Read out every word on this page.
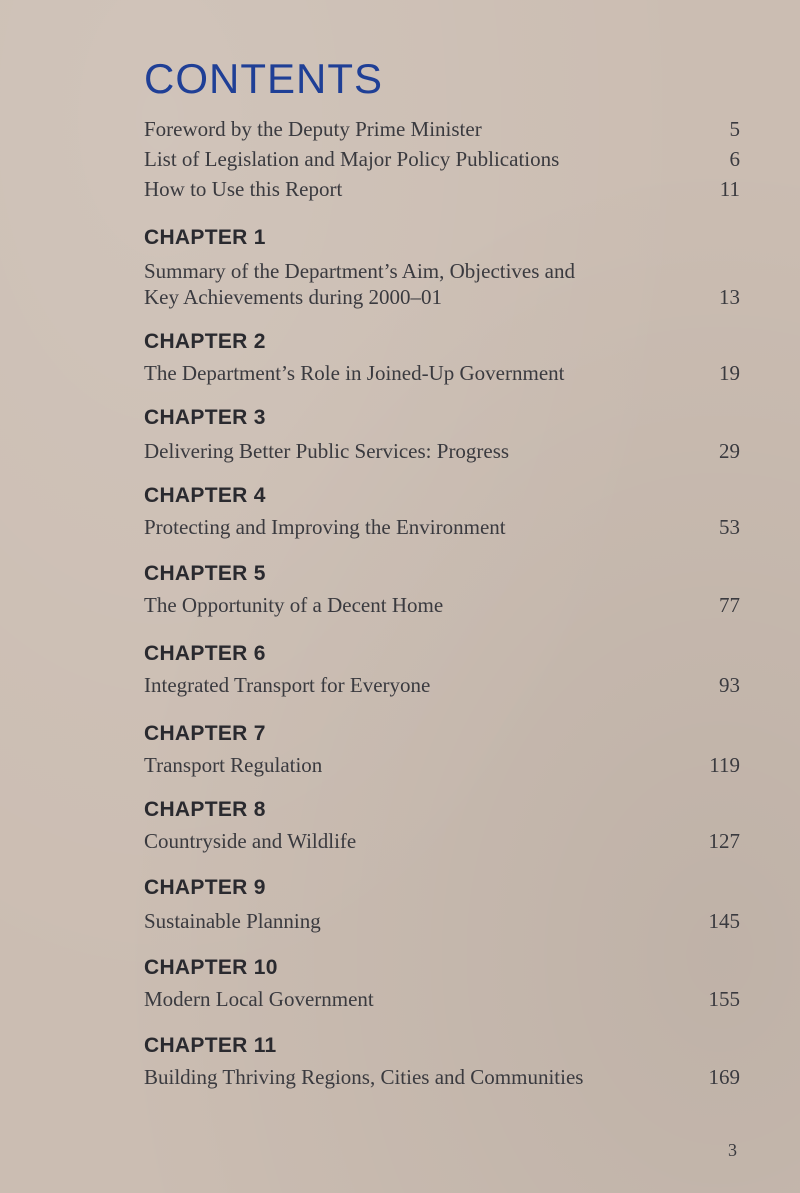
CONTENTS
Foreword by the Deputy Prime Minister	5
List of Legislation and Major Policy Publications	6
How to Use this Report	11
CHAPTER 1
Summary of the Department’s Aim, Objectives and
Key Achievements during 2000–01	13
CHAPTER 2
The Department’s Role in Joined-Up Government	19
CHAPTER 3
Delivering Better Public Services: Progress	29
CHAPTER 4
Protecting and Improving the Environment	53
CHAPTER 5
The Opportunity of a Decent Home	77
CHAPTER 6
Integrated Transport for Everyone	93
CHAPTER 7
Transport Regulation	119
CHAPTER 8
Countryside and Wildlife	127
CHAPTER 9
Sustainable Planning	145
CHAPTER 10
Modern Local Government	155
CHAPTER 11
Building Thriving Regions, Cities and Communities	169
3
